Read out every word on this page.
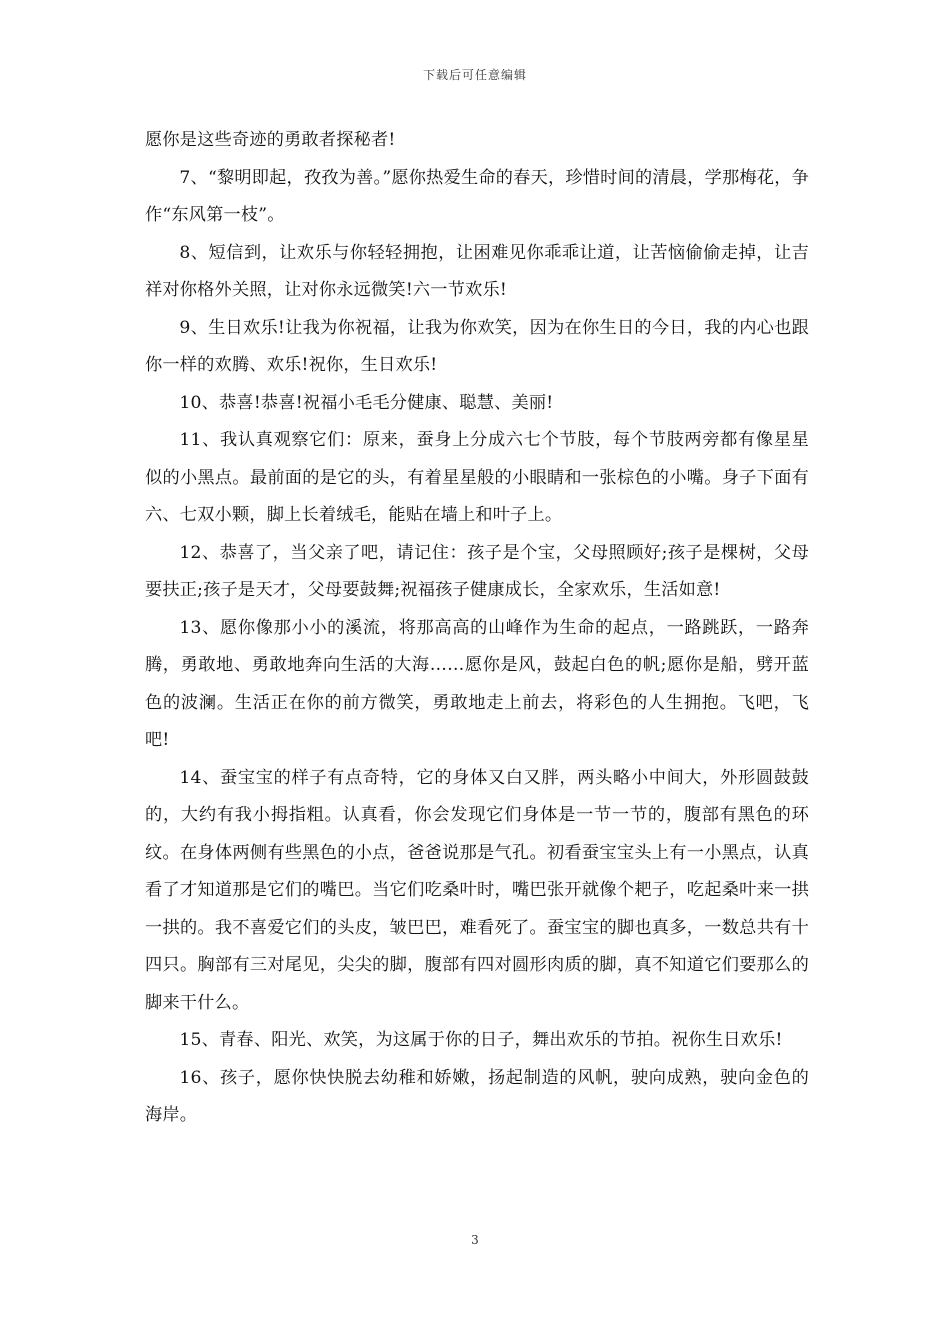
下载后可任意编辑

愿你是这些奇迹的勇敢者探秘者!

7、“黎明即起，孜孜为善。”愿你热爱生命的春天，珍惜时间的清晨，学那梅花，争作“东风第一枝”。

8、短信到，让欢乐与你轻轻拥抱，让困难见你乖乖让道，让苦恼偷偷走掉，让吉祥对你格外关照，让对你永远微笑!六一节欢乐!

9、生日欢乐!让我为你祝福，让我为你欢笑，因为在你生日的今日，我的内心也跟你一样的欢腾、欢乐!祝你，生日欢乐!

10、恭喜!恭喜!祝福小毛毛分健康、聪慧、美丽!

11、我认真观察它们：原来，蚕身上分成六七个节肢，每个节肢两旁都有像星星似的小黑点。最前面的是它的头，有着星星般的小眼睛和一张棕色的小嘴。身子下面有六、七双小颗，脚上长着绒毛，能贴在墙上和叶子上。

12、恭喜了，当父亲了吧，请记住：孩子是个宝，父母照顾好;孩子是棵树，父母要扶正;孩子是天才，父母要鼓舞;祝福孩子健康成长，全家欢乐，生活如意!

13、愿你像那小小的溪流，将那高高的山峰作为生命的起点，一路跳跃，一路奔腾，勇敢地、勇敢地奔向生活的大海……愿你是风，鼓起白色的帆;愿你是船，劈开蓝色的波澜。生活正在你的前方微笑，勇敢地走上前去，将彩色的人生拥抱。飞吧，飞吧!

14、蚕宝宝的样子有点奇特，它的身体又白又胖，两头略小中间大，外形圆鼓鼓的，大约有我小拇指粗。认真看，你会发现它们身体是一节一节的，腹部有黑色的环纹。在身体两侧有些黑色的小点，爸爸说那是气孔。初看蚕宝宝头上有一小黑点，认真看了才知道那是它们的嘴巴。当它们吃桑叶时，嘴巴张开就像个耙子，吃起桑叶来一拱一拱的。我不喜爱它们的头皮，皱巴巴，难看死了。蚕宝宝的脚也真多，一数总共有十四只。胸部有三对尾见，尖尖的脚，腹部有四对圆形肉质的脚，真不知道它们要那么的脚来干什么。

15、青春、阳光、欢笑，为这属于你的日子，舞出欢乐的节拍。祝你生日欢乐!

16、孩子，愿你快快脱去幼稚和娇嫩，扬起制造的风帆，驶向成熟，驶向金色的海岸。

3
